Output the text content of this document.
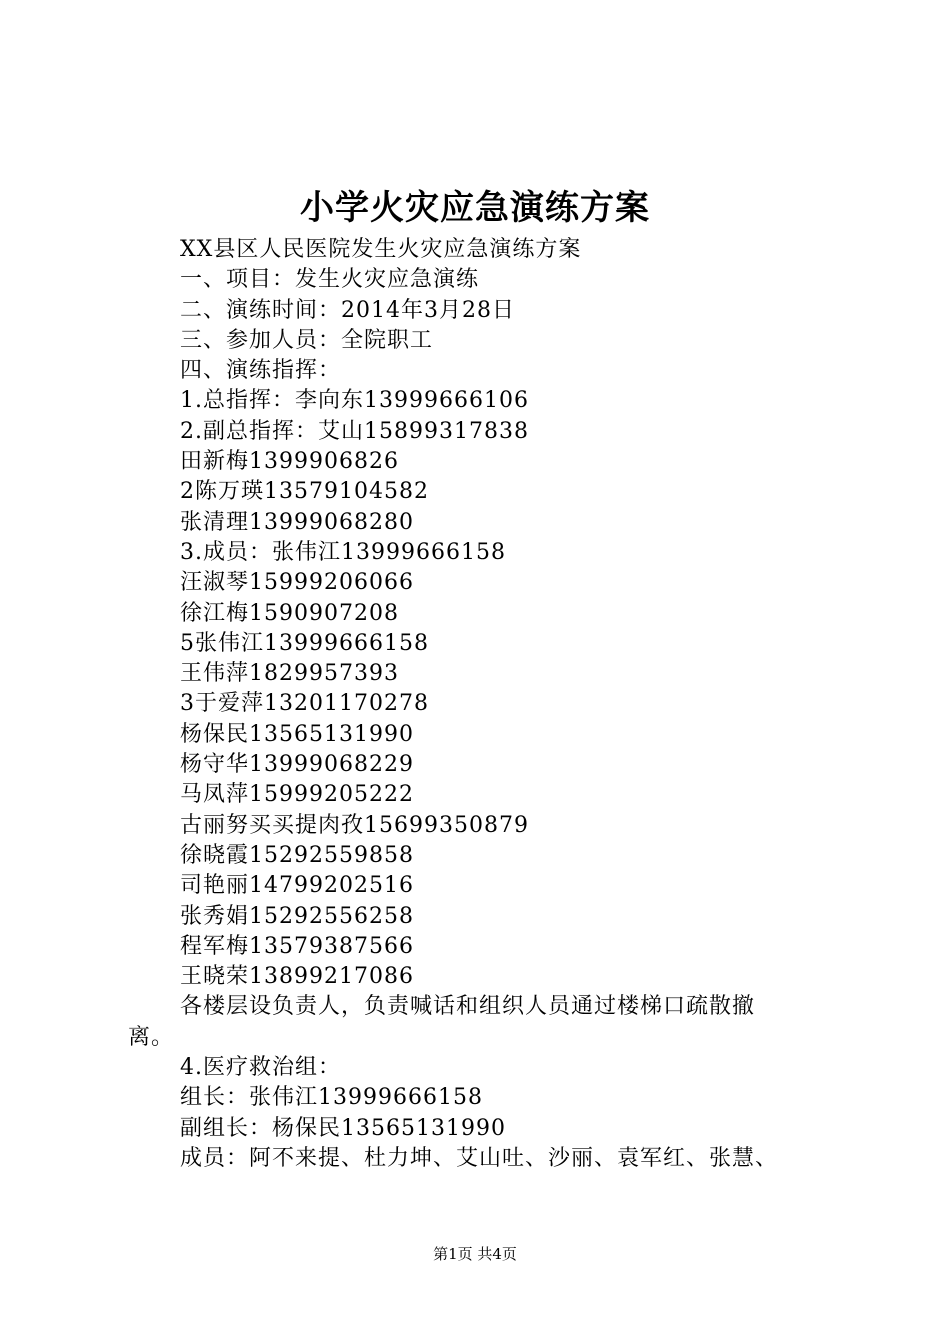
小学火灾应急演练方案
XX县区人民医院发生火灾应急演练方案
一、项目：发生火灾应急演练
二、演练时间：2014年3月28日
三、参加人员：全院职工
四、演练指挥：
1.总指挥：李向东13999666106
2.副总指挥：艾山15899317838
田新梅1399906826
2陈万瑛13579104582
张清理13999068280
3.成员：张伟江13999666158
汪淑琴15999206066
徐江梅1590907208
5张伟江13999666158
王伟萍1829957393
3于爱萍13201170278
杨保民13565131990
杨守华13999068229
马凤萍15999205222
古丽努买买提肉孜15699350879
徐晓霞15292559858
司艳丽14799202516
张秀娟15292556258
程军梅13579387566
王晓荣13899217086
各楼层设负责人，负责喊话和组织人员通过楼梯口疏散撤
离。
4.医疗救治组：
组长：张伟江13999666158
副组长：杨保民13565131990
成员：阿不来提、杜力坤、艾山吐、沙丽、袁军红、张慧、
第1页 共4页
